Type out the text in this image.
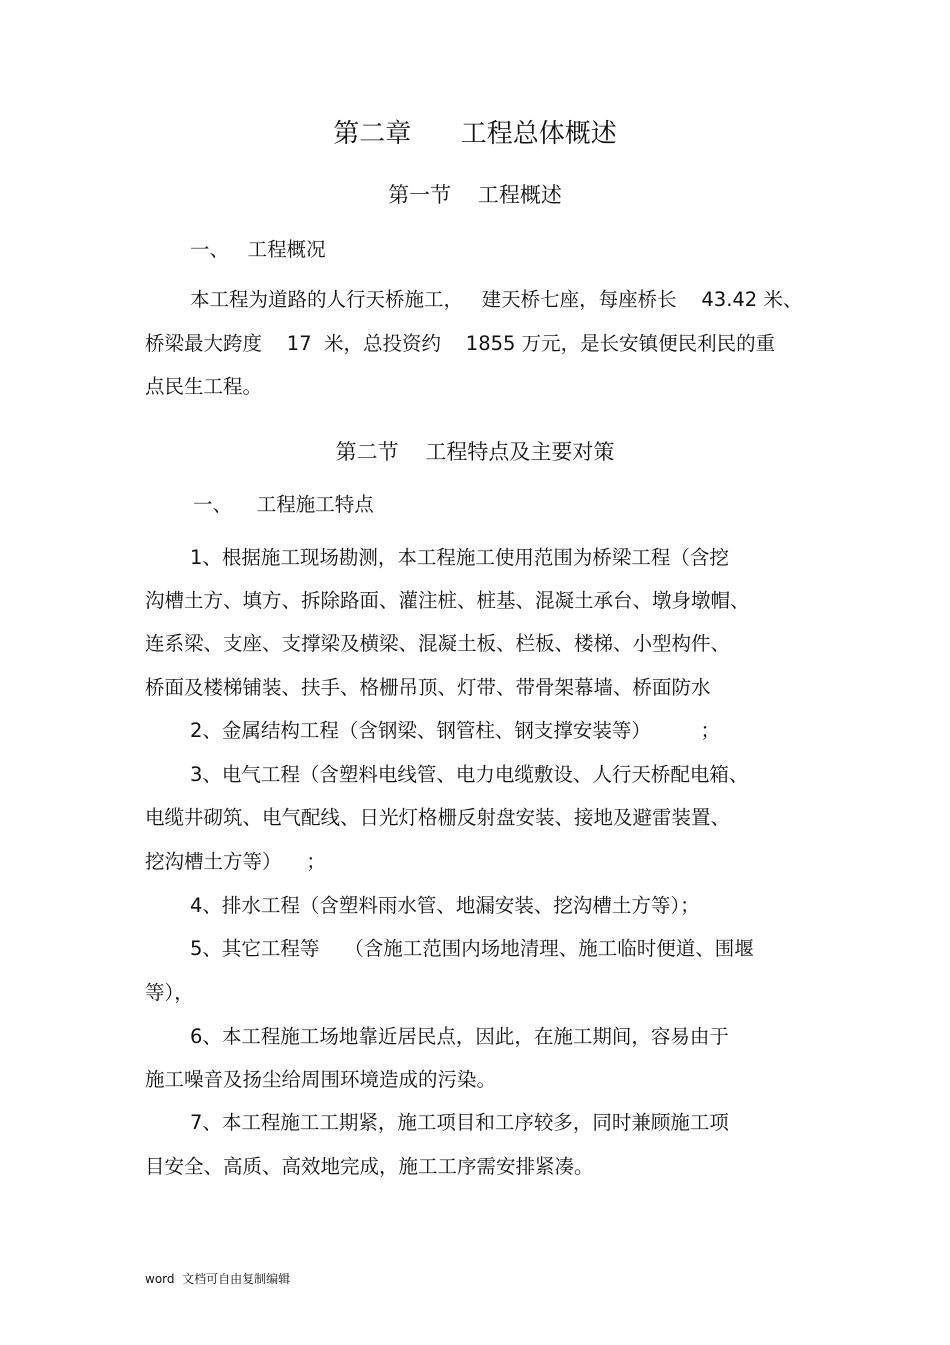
第二章      工程总体概述
第一节    工程概述
一、   工程概况
本工程为道路的人行天桥施工，   建天桥七座，每座桥长    43.42 米、
桥梁最大跨度    17  米，总投资约    1855 万元，是长安镇便民利民的重
点民生工程。
第二节    工程特点及主要对策
一、    工程施工特点
1、根据施工现场勘测，本工程施工使用范围为桥梁工程（含挖
沟槽土方、填方、拆除路面、灌注桩、桩基、混凝土承台、墩身墩帽、
连系梁、支座、支撑梁及横梁、混凝土板、栏板、楼梯、小型构件、
桥面及楼梯铺装、扶手、格栅吊顶、灯带、带骨架幕墙、桥面防水
2、金属结构工程（含钢梁、钢管柱、钢支撑安装等）        ；
3、电气工程（含塑料电线管、电力电缆敷设、人行天桥配电箱、
电缆井砌筑、电气配线、日光灯格栅反射盘安装、接地及避雷装置、
挖沟槽土方等）    ；
4、排水工程（含塑料雨水管、地漏安装、挖沟槽土方等）；
5、其它工程等    （含施工范围内场地清理、施工临时便道、围堰
等），
6、本工程施工场地靠近居民点，因此，在施工期间，容易由于
施工噪音及扬尘给周围环境造成的污染。
7、本工程施工工期紧，施工项目和工序较多，同时兼顾施工项
目安全、高质、高效地完成，施工工序需安排紧凑。
word  文档可自由复制编辑
